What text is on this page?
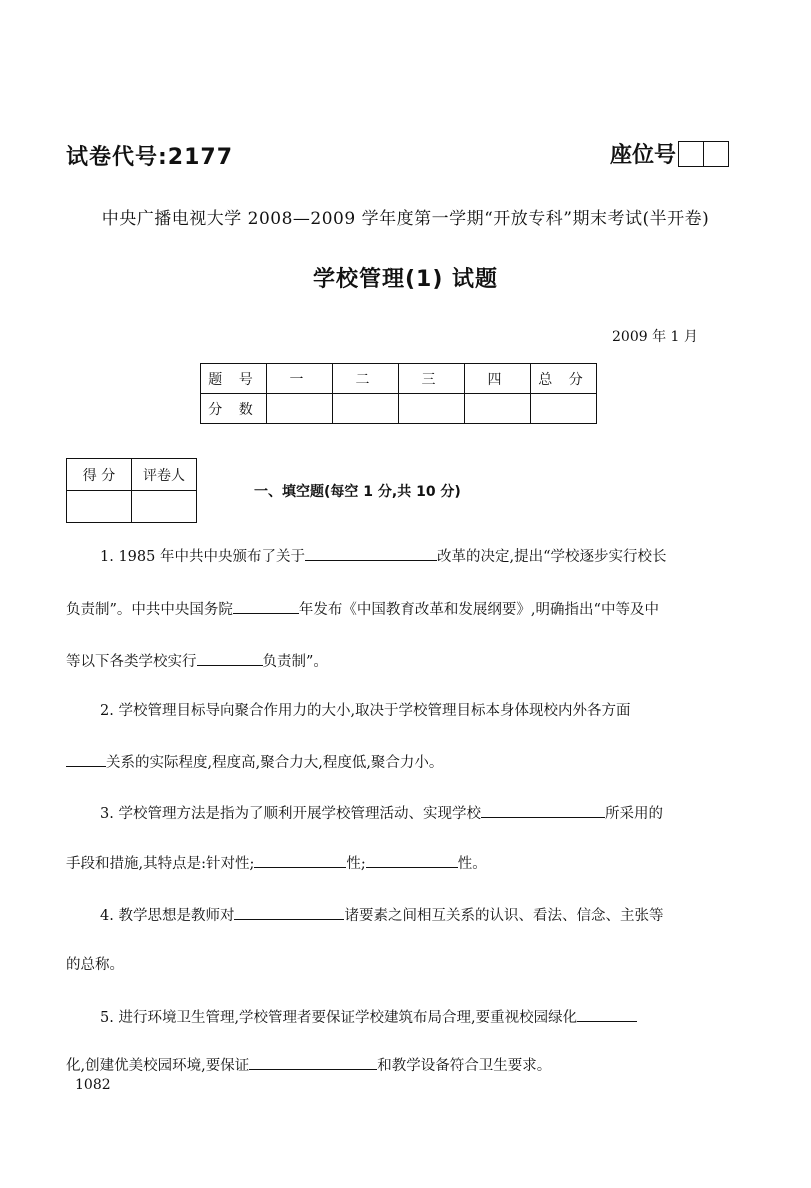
试卷代号:2177	座位号
中央广播电视大学 2008—2009 学年度第一学期“开放专科”期末考试(半开卷)
学校管理(1) 试题
2009 年 1 月
题 号	一	二	三	四	总 分
分 数					
得 分	评卷人

一、填空题(每空 1 分,共 10 分)
1. 1985 年中共中央颁布了关于	改革的决定,提出“学校逐步实行校长
负责制”。中共中央国务院	年发布《中国教育改革和发展纲要》,明确指出“中等及中
等以下各类学校实行	负责制”。
2. 学校管理目标导向聚合作用力的大小,取决于学校管理目标本身体现校内外各方面
关系的实际程度,程度高,聚合力大,程度低,聚合力小。
3. 学校管理方法是指为了顺利开展学校管理活动、实现学校	所采用的
手段和措施,其特点是:针对性;	性;	性。
4. 教学思想是教师对	诸要素之间相互关系的认识、看法、信念、主张等
的总称。
5. 进行环境卫生管理,学校管理者要保证学校建筑布局合理,要重视校园绿化
化,创建优美校园环境,要保证	和教学设备符合卫生要求。
1082
